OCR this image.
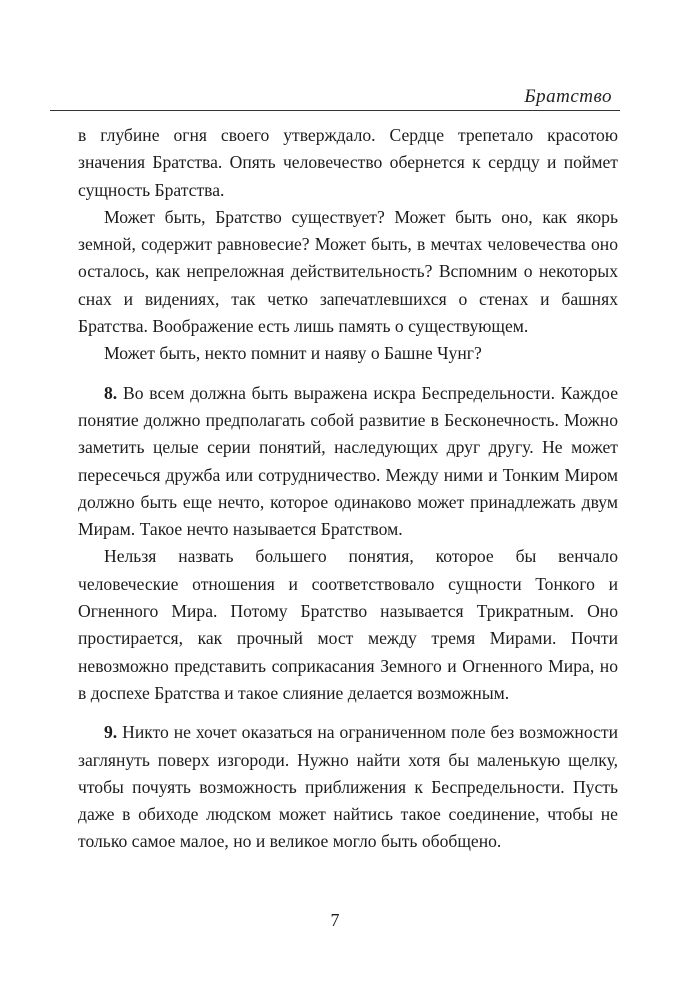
Братство

в глубине огня своего утверждало. Сердце трепетало красотою значения Братства. Опять человечество обернется к сердцу и поймет сущность Братства.

Может быть, Братство существует? Может быть оно, как якорь земной, содержит равновесие? Может быть, в мечтах человечества оно осталось, как непреложная действительность? Вспомним о некоторых снах и видениях, так четко запечатлевшихся о стенах и башнях Братства. Воображение есть лишь память о существующем.

Может быть, некто помнит и наяву о Башне Чунг?

8. Во всем должна быть выражена искра Беспредельности. Каждое понятие должно предполагать собой развитие в Бесконечность. Можно заметить целые серии понятий, наследующих друг другу. Не может пересечься дружба или сотрудничество. Между ними и Тонким Миром должно быть еще нечто, которое одинаково может принадлежать двум Мирам. Такое нечто называется Братством.

Нельзя назвать большего понятия, которое бы венчало человеческие отношения и соответствовало сущности Тонкого и Огненного Мира. Потому Братство называется Трикратным. Оно простирается, как прочный мост между тремя Мирами. Почти невозможно представить соприкасания Земного и Огненного Мира, но в доспехе Братства и такое слияние делается возможным.

9. Никто не хочет оказаться на ограниченном поле без возможности заглянуть поверх изгороди. Нужно найти хотя бы маленькую щелку, чтобы почуять возможность приближения к Беспредельности. Пусть даже в обиходе людском может найтись такое соединение, чтобы не только самое малое, но и великое могло быть обобщено.

7
